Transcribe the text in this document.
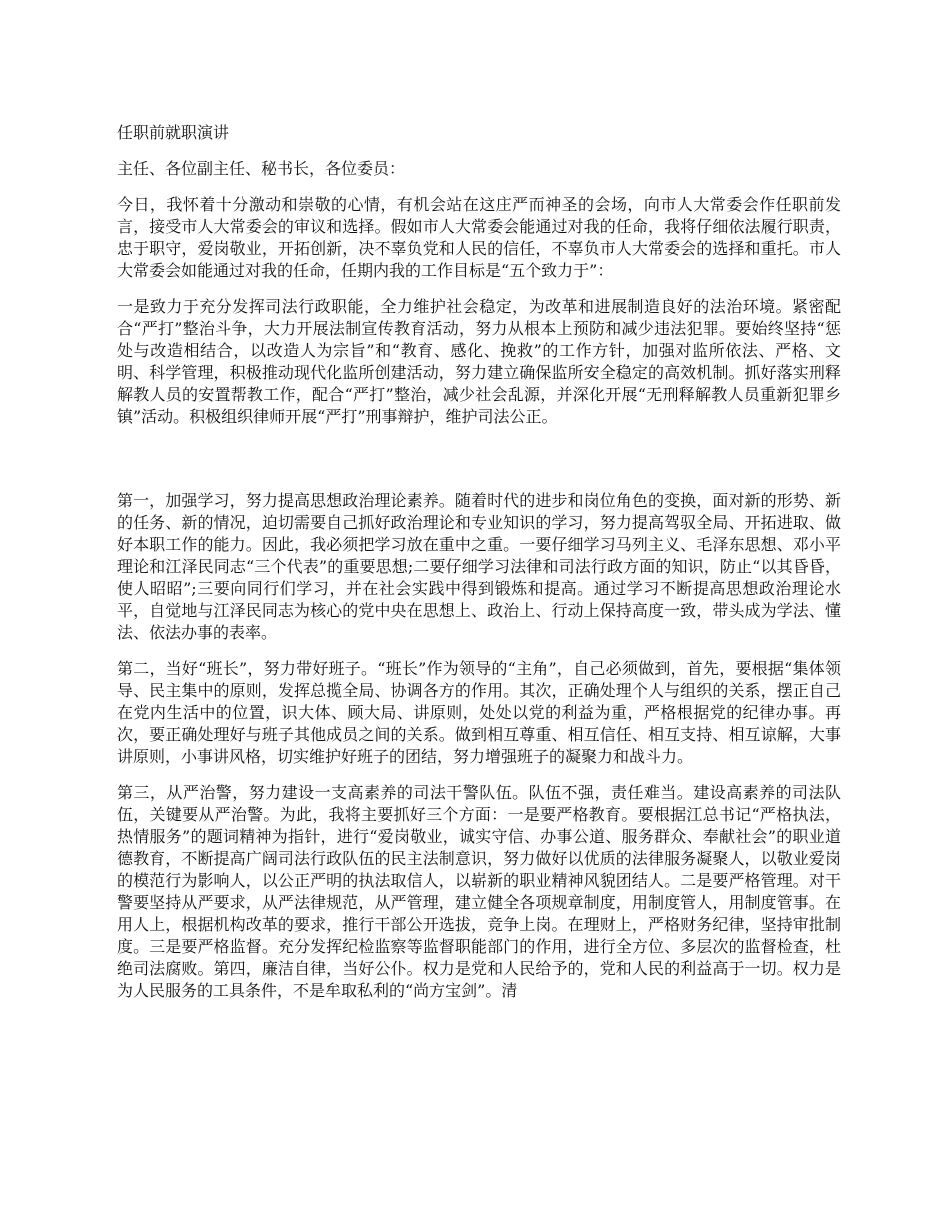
任职前就职演讲

主任、各位副主任、秘书长，各位委员：

今日，我怀着十分激动和崇敬的心情，有机会站在这庄严而神圣的会场，向市人大常委会作任职前发言，接受市人大常委会的审议和选择。假如市人大常委会能通过对我的任命，我将仔细依法履行职责，忠于职守，爱岗敬业，开拓创新，决不辜负党和人民的信任，不辜负市人大常委会的选择和重托。市人大常委会如能通过对我的任命，任期内我的工作目标是“五个致力于”：

一是致力于充分发挥司法行政职能，全力维护社会稳定，为改革和进展制造良好的法治环境。紧密配合“严打”整治斗争，大力开展法制宣传教育活动，努力从根本上预防和减少违法犯罪。要始终坚持“惩处与改造相结合，以改造人为宗旨”和“教育、感化、挽救”的工作方针，加强对监所依法、严格、文明、科学管理，积极推动现代化监所创建活动，努力建立确保监所安全稳定的高效机制。抓好落实刑释解教人员的安置帮教工作，配合“严打”整治，减少社会乱源，并深化开展“无刑释解教人员重新犯罪乡镇”活动。积极组织律师开展“严打”刑事辩护，维护司法公正。

第一，加强学习，努力提高思想政治理论素养。随着时代的进步和岗位角色的变换，面对新的形势、新的任务、新的情况，迫切需要自己抓好政治理论和专业知识的学习，努力提高驾驭全局、开拓进取、做好本职工作的能力。因此，我必须把学习放在重中之重。一要仔细学习马列主义、毛泽东思想、邓小平理论和江泽民同志“三个代表”的重要思想;二要仔细学习法律和司法行政方面的知识，防止“以其昏昏，使人昭昭”;三要向同行们学习，并在社会实践中得到锻炼和提高。通过学习不断提高思想政治理论水平，自觉地与江泽民同志为核心的党中央在思想上、政治上、行动上保持高度一致，带头成为学法、懂法、依法办事的表率。

第二，当好“班长”，努力带好班子。“班长”作为领导的“主角”，自己必须做到，首先，要根据“集体领导、民主集中的原则，发挥总揽全局、协调各方的作用。其次，正确处理个人与组织的关系，摆正自己在党内生活中的位置，识大体、顾大局、讲原则，处处以党的利益为重，严格根据党的纪律办事。再次，要正确处理好与班子其他成员之间的关系。做到相互尊重、相互信任、相互支持、相互谅解，大事讲原则，小事讲风格，切实维护好班子的团结，努力增强班子的凝聚力和战斗力。

第三，从严治警，努力建设一支高素养的司法干警队伍。队伍不强，责任难当。建设高素养的司法队伍，关键要从严治警。为此，我将主要抓好三个方面：一是要严格教育。要根据江总书记“严格执法，热情服务”的题词精神为指针，进行“爱岗敬业，诚实守信、办事公道、服务群众、奉献社会”的职业道德教育，不断提高广阔司法行政队伍的民主法制意识，努力做好以优质的法律服务凝聚人，以敬业爱岗的模范行为影响人，以公正严明的执法取信人，以崭新的职业精神风貌团结人。二是要严格管理。对干警要坚持从严要求，从严法律规范，从严管理，建立健全各项规章制度，用制度管人，用制度管事。在用人上，根据机构改革的要求，推行干部公开选拔，竞争上岗。在理财上，严格财务纪律，坚持审批制度。三是要严格监督。充分发挥纪检监察等监督职能部门的作用，进行全方位、多层次的监督检查，杜绝司法腐败。第四，廉洁自律，当好公仆。权力是党和人民给予的，党和人民的利益高于一切。权力是为人民服务的工具条件，不是牟取私利的“尚方宝剑”。清
